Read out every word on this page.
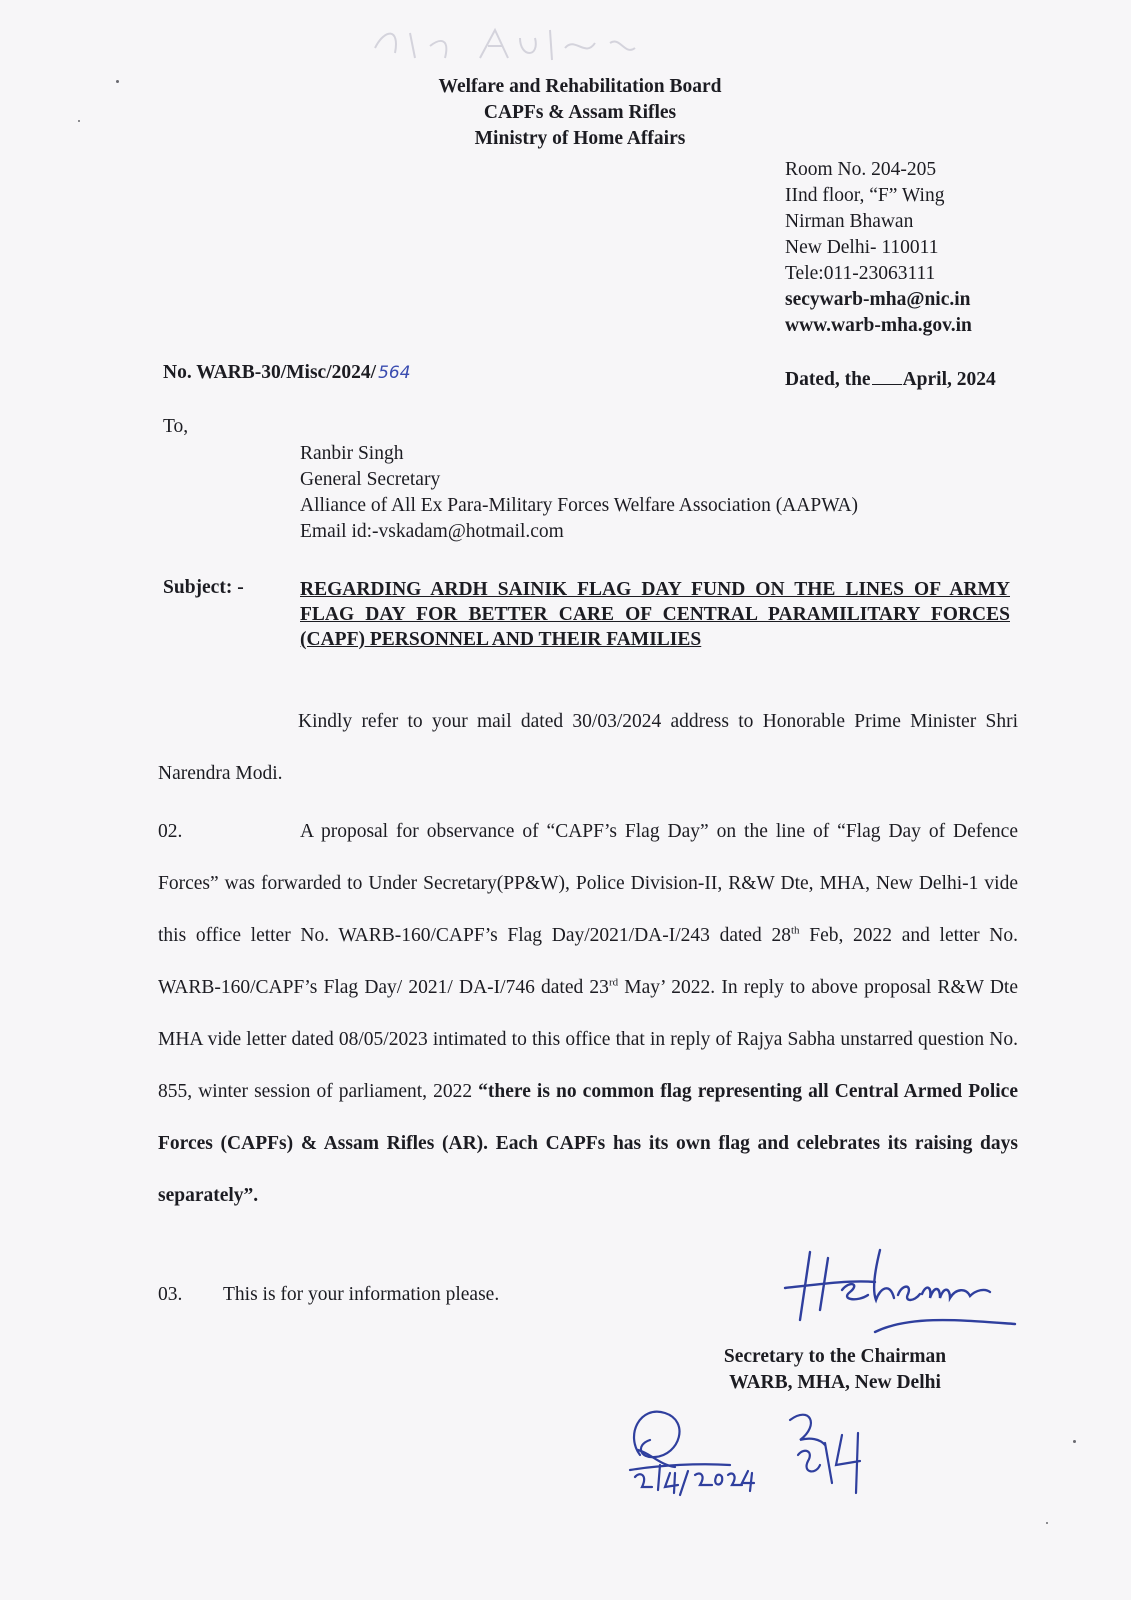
Welfare and Rehabilitation Board
CAPFs & Assam Rifles
Ministry of Home Affairs
Room No. 204-205
IInd floor, “F” Wing
Nirman Bhawan
New Delhi- 110011
Tele:011-23063111
secywarb-mha@nic.in
www.warb-mha.gov.in
No. WARB-30/Misc/2024/ 564	Dated, the April, 2024
To,
Ranbir Singh
General Secretary
Alliance of All Ex Para-Military Forces Welfare Association (AAPWA)
Email id:-vskadam@hotmail.com
Subject: -	REGARDING ARDH SAINIK FLAG DAY FUND ON THE LINES OF ARMY FLAG DAY FOR BETTER CARE OF CENTRAL PARAMILITARY FORCES (CAPF) PERSONNEL AND THEIR FAMILIES
Kindly refer to your mail dated 30/03/2024 address to Honorable Prime Minister Shri Narendra Modi.
02.	A proposal for observance of “CAPF’s Flag Day” on the line of “Flag Day of Defence Forces” was forwarded to Under Secretary(PP&W), Police Division-II, R&W Dte, MHA, New Delhi-1 vide this office letter No. WARB-160/CAPF’s Flag Day/2021/DA-I/243 dated 28th Feb, 2022 and letter No. WARB-160/CAPF’s Flag Day/ 2021/ DA-I/746 dated 23rd May’ 2022. In reply to above proposal R&W Dte MHA vide letter dated 08/05/2023 intimated to this office that in reply of Rajya Sabha unstarred question No. 855, winter session of parliament, 2022 “there is no common flag representing all Central Armed Police Forces (CAPFs) & Assam Rifles (AR). Each CAPFs has its own flag and celebrates its raising days separately”.
03. This is for your information please.
Secretary to the Chairman
WARB, MHA, New Delhi
